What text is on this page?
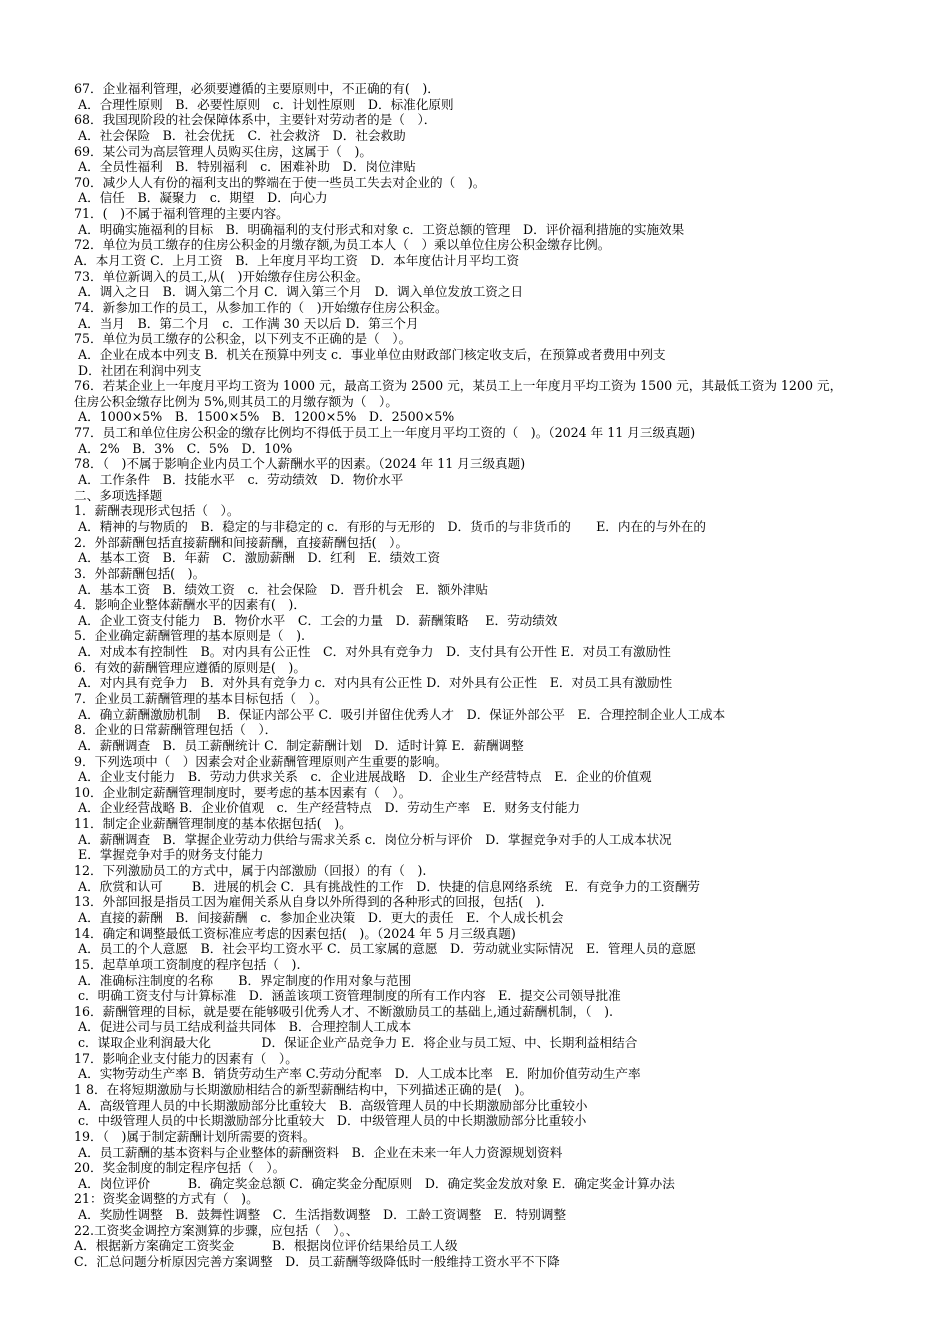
67．企业福利管理，必须要遵循的主要原则中，不正确的有(　)．
A．合理性原则　B．必要性原则　c．计划性原则　D．标准化原则
68．我国现阶段的社会保障体系中，主要针对劳动者的是（　）．
A．社会保险　B．社会优抚　C．社会救济　D．社会救助
69．某公司为高层管理人员购买住房，这属于（　)。
A．全员性福利　B．特别福利　c．困难补助　D．岗位津贴
70．减少人人有份的福利支出的弊端在于使一些员工失去对企业的（　)。
A．信任　B．凝聚力　c．期望　D．向心力
71．(　)不属于福利管理的主要内容。
A．明确实施福利的目标　B．明确福利的支付形式和对象 c．工资总额的管理　D．评价福利措施的实施效果
72．单位为员工缴存的住房公积金的月缴存额,为员工本人（　）乘以单位住房公积金缴存比例。
A．本月工资 C．上月工资　B．上年度月平均工资　D．本年度估计月平均工资
73．单位新调入的员工,从(　)开始缴存住房公积金。
A．调入之日　B．调入第二个月 C．调入第三个月　D．调入单位发放工资之日
74．新参加工作的员工，从参加工作的（　)开始缴存住房公积金。
A．当月　B．第二个月　c．工作满 30 天以后 D．第三个月
75．单位为员工缴存的公积金，以下列支不正确的是（　）。
A．企业在成本中列支 B．机关在预算中列支 c．事业单位由财政部门核定收支后，在预算或者费用中列支
D．社团在利润中列支
76．若某企业上一年度月平均工资为 1000 元，最高工资为 2500 元，某员工上一年度月平均工资为 1500 元，其最低工资为 1200 元，
住房公积金缴存比例为 5%,则其员工的月缴存额为（　）。
A．1000×5%　B．1500×5%　B．1200×5%　D．2500×5%
77．员工和单位住房公积金的缴存比例均不得低于员工上一年度月平均工资的（　)。（2024 年 11 月三级真题)
A．2%　B．3%　C．5%　D．10%
78．（　)不属于影响企业内员工个人薪酬水平的因素。（2024 年 11 月三级真题)
A．工作条件　B．技能水平　c．劳动绩效　D．物价水平
二、多项选择题
1．薪酬表现形式包括（　）。
A．精神的与物质的　B．稳定的与非稳定的 c．有形的与无形的　D．货币的与非货币的　　E．内在的与外在的
2．外部薪酬包括直接薪酬和间接薪酬，直接薪酬包括(　）。
A．基本工资　B．年薪　C．激励薪酬　D．红利　E．绩效工资
3．外部薪酬包括(　)。
A．基本工资　B．绩效工资　c．社会保险　D．晋升机会　E．额外津贴
4．影响企业整体薪酬水平的因素有(　)．
A．企业工资支付能力　B．物价水平　C．工会的力量　D．薪酬策略　 E．劳动绩效
5．企业确定薪酬管理的基本原则是（　).
A．对成本有控制性　B。对内具有公正性　C．对外具有竞争力　D．支付具有公开性 E．对员工有激励性
6．有效的薪酬管理应遵循的原则是(　)。
A．对内具有竞争力　B．对外具有竞争力 c．对内具有公正性 D．对外具有公正性　E．对员工具有激励性
7．企业员工薪酬管理的基本目标包括（　）。
A．确立薪酬激励机制　 B．保证内部公平 C．吸引并留住优秀人才　D．保证外部公平　E．合理控制企业人工成本
8．企业的日常薪酬管理包括（　）．
A．薪酬调查　B．员工薪酬统计 C．制定薪酬计划　D．适时计算 E．薪酬调整
9．下列选项中（　）因素会对企业薪酬管理原则产生重要的影响。
A．企业支付能力　B．劳动力供求关系　c．企业进展战略　D．企业生产经营特点　E．企业的价值观
10．企业制定薪酬管理制度时，要考虑的基本因素有（　）。
A．企业经营战略 B．企业价值观　c．生产经营特点　D．劳动生产率　E．财务支付能力
11．制定企业薪酬管理制度的基本依据包括(　)。
A．薪酬调查　B．掌握企业劳动力供给与需求关系 c．岗位分析与评价　D．掌握竞争对手的人工成本状况
E．掌握竞争对手的财务支付能力
12．下列激励员工的方式中，属于内部激励（回报）的有（　).
A．欣赏和认可　　 B．进展的机会 C．具有挑战性的工作　D．快捷的信息网络系统　E．有竞争力的工资酬劳
13．外部回报是指员工因为雇佣关系从自身以外所得到的各种形式的回报，包括(　)．
A．直接的薪酬　B．间接薪酬　c．参加企业决策　D．更大的责任　E．个人成长机会
14．确定和调整最低工资标准应考虑的因素包括(　)。（2024 年 5 月三级真题)
A．员工的个人意愿　B．社会平均工资水平 C．员工家属的意愿　D．劳动就业实际情况　E．管理人员的意愿
15．起草单项工资制度的程序包括（　).
A．准确标注制度的名称　　B．界定制度的作用对象与范围
c．明确工资支付与计算标准　D．涵盖该项工资管理制度的所有工作内容　E．提交公司领导批准
16．薪酬管理的目标，就是要在能够吸引优秀人才、不断激励员工的基础上,通过薪酬机制，（　).
A．促进公司与员工结成利益共同体　B．合理控制人工成本
c．谋取企业利润最大化　　　　D．保证企业产品竞争力 E．将企业与员工短、中、长期利益相结合
17．影响企业支付能力的因素有（　）。
A．实物劳动生产率 B．销货劳动生产率 C.劳动分配率　D．人工成本比率　E．附加价值劳动生产率
1 8．在将短期激励与长期激励相结合的新型薪酬结构中，下列描述正确的是(　)。
A．高级管理人员的中长期激励部分比重较大　B．高级管理人员的中长期激励部分比重较小
c．中级管理人员的中长期激励部分比重较大　D．中级管理人员的中长期激励部分比重较小
19．（　)属于制定薪酬计划所需要的资料。
A．员工薪酬的基本资料与企业整体的薪酬资料　B．企业在未来一年人力资源规划资料
20．奖金制度的制定程序包括（　）。
A．岗位评价　　　B．确定奖金总额 C．确定奖金分配原则　D．确定奖金发放对象 E．确定奖金计算办法
21：资奖金调整的方式有（　)。
A．奖励性调整　B．鼓舞性调整　C．生活指数调整　D．工龄工资调整　E．特别调整
22.工资奖金调控方案测算的步骤，应包括（　）。、
A．根据新方案确定工资奖金　　　B．根据岗位评价结果给员工人级
C．汇总问题分析原因完善方案调整　D．员工薪酬等级降低时一般维持工资水平不下降
